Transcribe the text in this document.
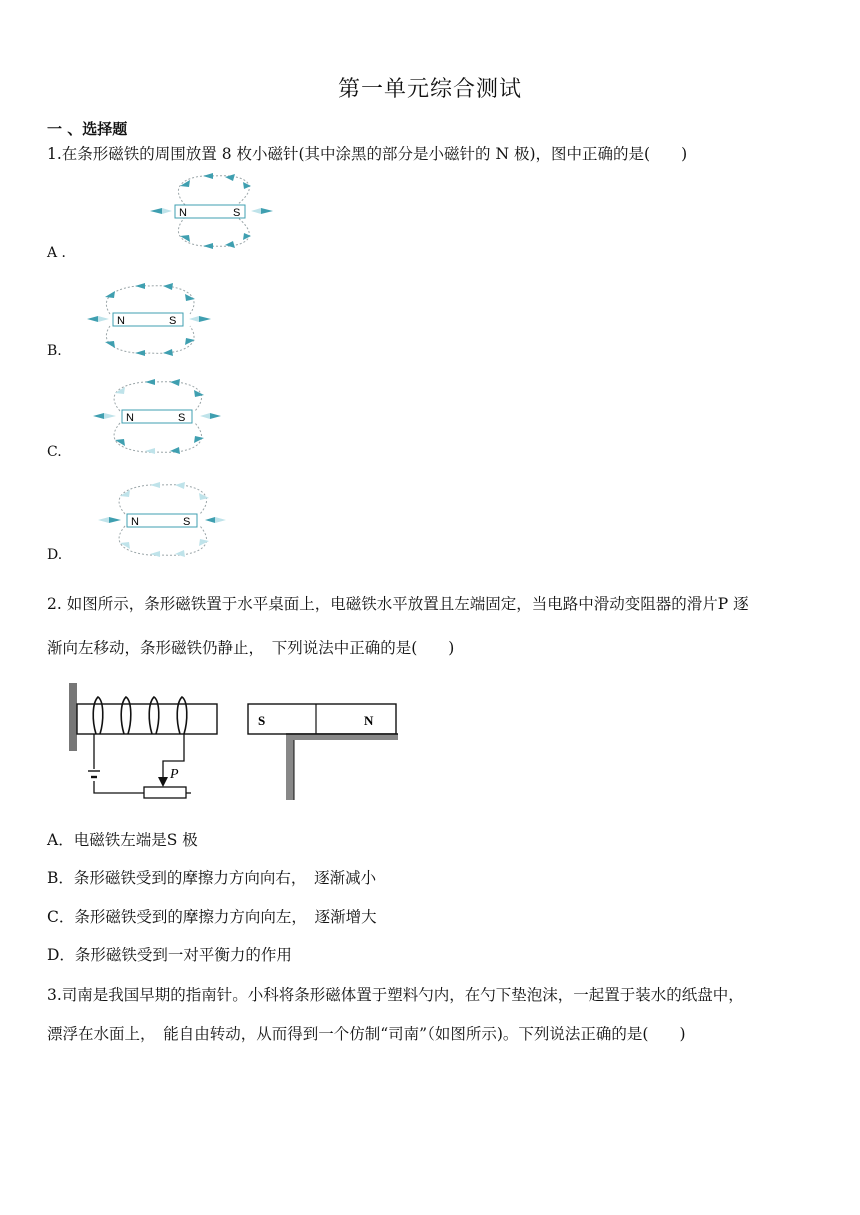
第一单元综合测试
一 、选择题
1.在条形磁铁的周围放置 8 枚小磁针(其中涂黑的部分是小磁针的 N 极)，图中正确的是(　　)
N	S
A ．
N	S
B.
N	S
C.
N	S
D.
2. 如图所示，条形磁铁置于水平桌面上，电磁铁水平放置且左端固定，当电路中滑动变阻器的滑片P 逐
渐向左移动，条形磁铁仍静止，　下列说法中正确的是(　　)
P
S	N
A．电磁铁左端是S 极
B．条形磁铁受到的摩擦力方向向右，　逐渐减小
C．条形磁铁受到的摩擦力方向向左，　逐渐增大
D．条形磁铁受到一对平衡力的作用
3.司南是我国早期的指南针。小科将条形磁体置于塑料勺内，在勺下垫泡沫，一起置于装水的纸盘中，
漂浮在水面上，　能自由转动，从而得到一个仿制“司南”（如图所示)。下列说法正确的是(　　)
